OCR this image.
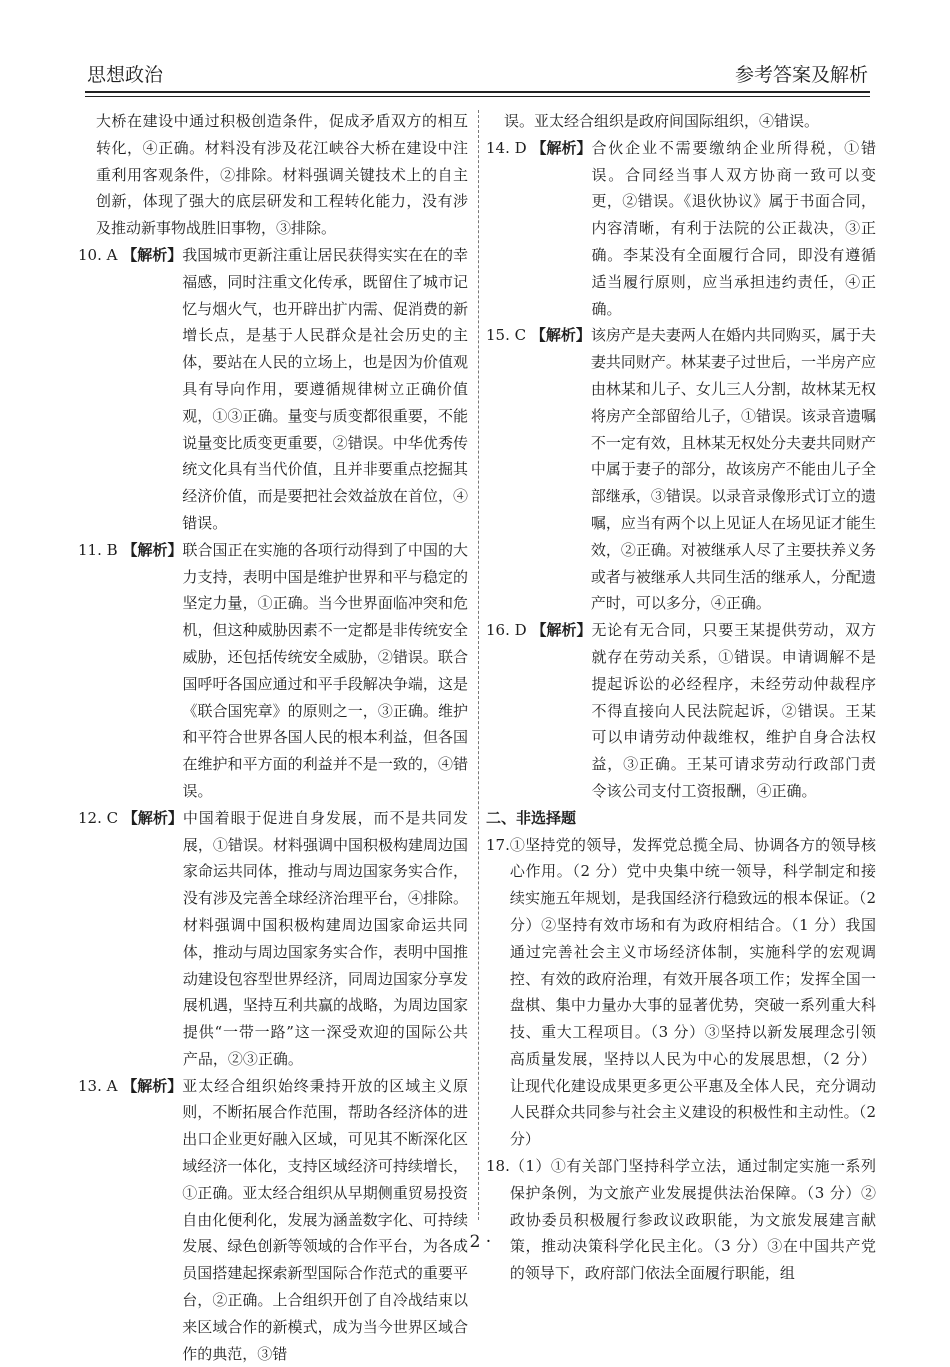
思想政治	参考答案及解析

大桥在建设中通过积极创造条件，促成矛盾双方的相互转化，④正确。材料没有涉及花江峡谷大桥在建设中注重利用客观条件，②排除。材料强调关键技术上的自主创新，体现了强大的底层研发和工程转化能力，没有涉及推动新事物战胜旧事物，③排除。

10. A 【解析】 我国城市更新注重让居民获得实实在在的幸福感，同时注重文化传承，既留住了城市记忆与烟火气，也开辟出扩内需、促消费的新增长点，是基于人民群众是社会历史的主体，要站在人民的立场上，也是因为价值观具有导向作用，要遵循规律树立正确价值观，①③正确。量变与质变都很重要，不能说量变比质变更重要，②错误。中华优秀传统文化具有当代价值，且并非要重点挖掘其经济价值，而是要把社会效益放在首位，④错误。
11. B 【解析】 联合国正在实施的各项行动得到了中国的大力支持，表明中国是维护世界和平与稳定的坚定力量，①正确。当今世界面临冲突和危机，但这种威胁因素不一定都是非传统安全威胁，还包括传统安全威胁，②错误。联合国呼吁各国应通过和平手段解决争端，这是《联合国宪章》的原则之一，③正确。维护和平符合世界各国人民的根本利益，但各国在维护和平方面的利益并不是一致的，④错误。
12. C 【解析】 中国着眼于促进自身发展，而不是共同发展，①错误。材料强调中国积极构建周边国家命运共同体，推动与周边国家务实合作，没有涉及完善全球经济治理平台，④排除。材料强调中国积极构建周边国家命运共同体，推动与周边国家务实合作，表明中国推动建设包容型世界经济，同周边国家分享发展机遇，坚持互利共赢的战略，为周边国家提供“一带一路”这一深受欢迎的国际公共产品，②③正确。
13. A 【解析】 亚太经合组织始终秉持开放的区域主义原则，不断拓展合作范围，帮助各经济体的进出口企业更好融入区域，可见其不断深化区域经济一体化，支持区域经济可持续增长，①正确。亚太经合组织从早期侧重贸易投资自由化便利化，发展为涵盖数字化、可持续发展、绿色创新等领域的合作平台，为各成员国搭建起探索新型国际合作范式的重要平台，②正确。上合组织开创了自冷战结束以来区域合作的新模式，成为当今世界区域合作的典范，③错

误。亚太经合组织是政府间国际组织，④错误。

14. D 【解析】 合伙企业不需要缴纳企业所得税，①错误。合同经当事人双方协商一致可以变更，②错误。《退伙协议》属于书面合同，内容清晰，有利于法院的公正裁决，③正确。李某没有全面履行合同，即没有遵循适当履行原则，应当承担违约责任，④正确。
15. C 【解析】 该房产是夫妻两人在婚内共同购买，属于夫妻共同财产。林某妻子过世后，一半房产应由林某和儿子、女儿三人分割，故林某无权将房产全部留给儿子，①错误。该录音遗嘱不一定有效，且林某无权处分夫妻共同财产中属于妻子的部分，故该房产不能由儿子全部继承，③错误。以录音录像形式订立的遗嘱，应当有两个以上见证人在场见证才能生效，②正确。对被继承人尽了主要扶养义务或者与被继承人共同生活的继承人，分配遗产时，可以多分，④正确。
16. D 【解析】 无论有无合同，只要王某提供劳动，双方就存在劳动关系，①错误。申请调解不是提起诉讼的必经程序，未经劳动仲裁程序不得直接向人民法院起诉，②错误。王某可以申请劳动仲裁维权，维护自身合法权益，③正确。王某可请求劳动行政部门责令该公司支付工资报酬，④正确。

二、非选择题

17. ①坚持党的领导，发挥党总揽全局、协调各方的领导核心作用。（2 分）党中央集中统一领导，科学制定和接续实施五年规划，是我国经济行稳致远的根本保证。（2 分）②坚持有效市场和有为政府相结合。（1 分）我国通过完善社会主义市场经济体制，实施科学的宏观调控、有效的政府治理，有效开展各项工作；发挥全国一盘棋、集中力量办大事的显著优势，突破一系列重大科技、重大工程项目。（3 分）③坚持以新发展理念引领高质量发展，坚持以人民为中心的发展思想，（2 分）让现代化建设成果更多更公平惠及全体人民，充分调动人民群众共同参与社会主义建设的积极性和主动性。（2 分）
18. （1）①有关部门坚持科学立法，通过制定实施一系列保护条例，为文旅产业发展提供法治保障。（3 分）②政协委员积极履行参政议政职能，为文旅发展建言献策，推动决策科学化民主化。（3 分）③在中国共产党的领导下，政府部门依法全面履行职能，组
· 2 ·
